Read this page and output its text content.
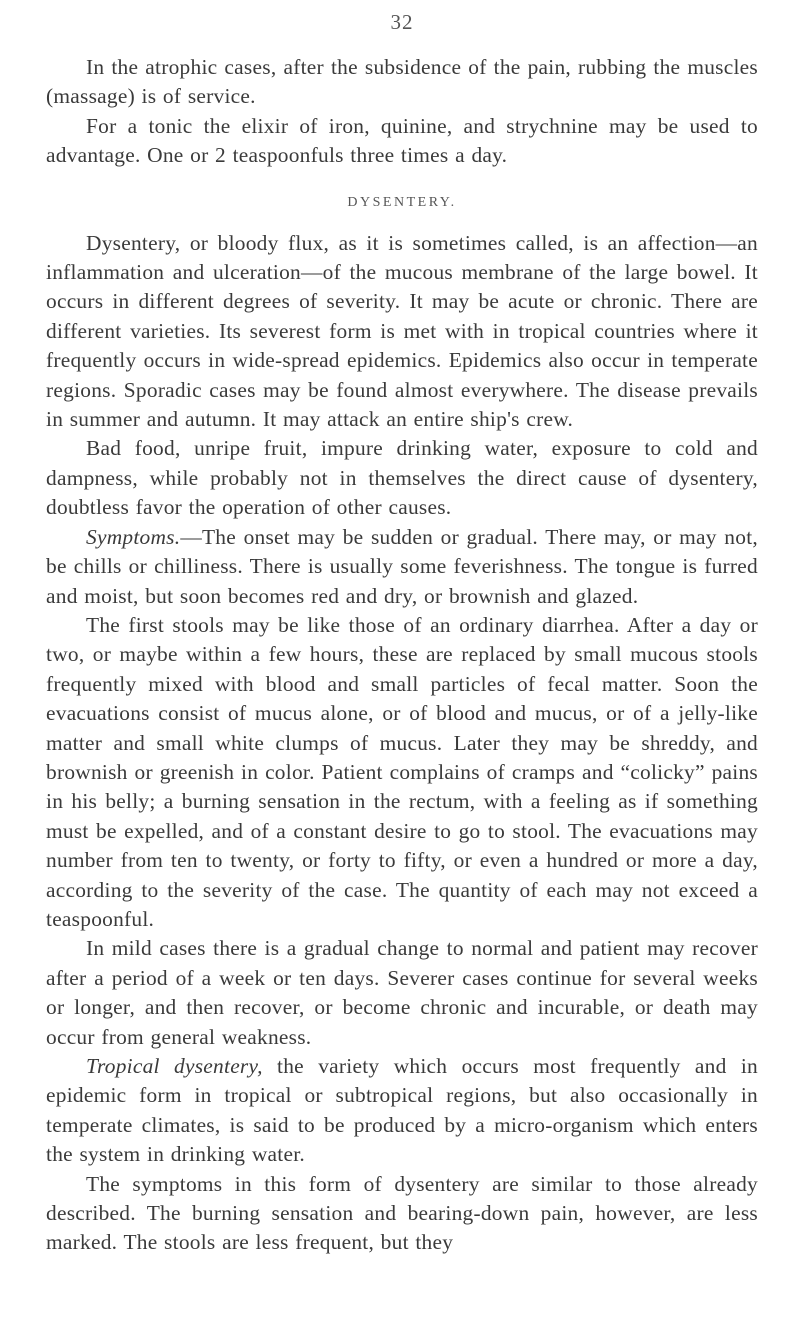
32

In the atrophic cases, after the subsidence of the pain, rubbing the muscles (massage) is of service.

For a tonic the elixir of iron, quinine, and strychnine may be used to advantage. One or 2 teaspoonfuls three times a day.

DYSENTERY.

Dysentery, or bloody flux, as it is sometimes called, is an affection—an inflammation and ulceration—of the mucous membrane of the large bowel. It occurs in different degrees of severity. It may be acute or chronic. There are different varieties. Its severest form is met with in tropical countries where it frequently occurs in wide-spread epidemics. Epidemics also occur in temperate regions. Sporadic cases may be found almost everywhere. The disease prevails in summer and autumn. It may attack an entire ship's crew.

Bad food, unripe fruit, impure drinking water, exposure to cold and dampness, while probably not in themselves the direct cause of dysentery, doubtless favor the operation of other causes.

Symptoms.—The onset may be sudden or gradual. There may, or may not, be chills or chilliness. There is usually some feverishness. The tongue is furred and moist, but soon becomes red and dry, or brownish and glazed.

The first stools may be like those of an ordinary diarrhea. After a day or two, or maybe within a few hours, these are replaced by small mucous stools frequently mixed with blood and small particles of fecal matter. Soon the evacuations consist of mucus alone, or of blood and mucus, or of a jelly-like matter and small white clumps of mucus. Later they may be shreddy, and brownish or greenish in color. Patient complains of cramps and “colicky” pains in his belly; a burning sensation in the rectum, with a feeling as if something must be expelled, and of a constant desire to go to stool. The evacuations may number from ten to twenty, or forty to fifty, or even a hundred or more a day, according to the severity of the case. The quantity of each may not exceed a teaspoonful.

In mild cases there is a gradual change to normal and patient may recover after a period of a week or ten days. Severer cases continue for several weeks or longer, and then recover, or become chronic and incurable, or death may occur from general weakness.

Tropical dysentery, the variety which occurs most frequently and in epidemic form in tropical or subtropical regions, but also occasionally in temperate climates, is said to be produced by a micro-organism which enters the system in drinking water.

The symptoms in this form of dysentery are similar to those already described. The burning sensation and bearing-down pain, however, are less marked. The stools are less frequent, but they
